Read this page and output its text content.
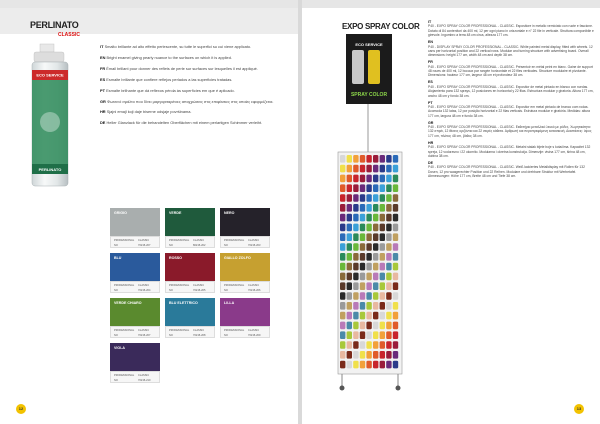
PERLINATO
CLASSIC
ECO SERVICE
PERLINATO
IT Smalto brillante ad alto effetto perlescente, su tutte le superfici su cui viene applicato.
EN Bright enamel giving pearly nuance to the surfaces on which it is applied.
FR Émail brillant pour donner des reflets de perle sur surfaces sur lesquelles il est appliqué.
ES Esmalte brillante que confiere reflejos perlados a las superficies tratadas.
PT Esmalte brilhante que dá reflexos pérola às superfícies em que é aplicado.
GR Φωτεινό σμάλτο που δίνει μαργαριταρένιες αποχρώσεις στις επιφάνειες στις οποίες εφαρμόζεται.
HR Sjajni emajl koji daje biserne odsjaje površinama.
DE Heller Glanzlack für die behandelten Oberflächen mit einem perlartigen Schimmer verleiht.
GRIGIO
PROFESSIONAL CLASSIC
NO	70215-207
VERDE
PROFESSIONAL CLASSIC
NO	80215-202
NERO
PROFESSIONAL CLASSIC
NO	70215-203
BLU
PROFESSIONAL CLASSIC
NO	70215-204
ROSSO
PROFESSIONAL CLASSIC
NO	70215-205
GIALLO ZOLFO
PROFESSIONAL CLASSIC
NO	70215-206
VERDE CHIARO
PROFESSIONAL CLASSIC
NO	70215-207
BLU ELETTRICO
PROFESSIONAL CLASSIC
NO	70215-208
LILLA
PROFESSIONAL CLASSIC
NO	70215-209
VIOLA
PROFESSIONAL CLASSIC
NO	70215-210
12
EXPO SPRAY COLOR
ECO SERVICE
SPRAY COLOR
IT
P40 - EXPO SPRAY COLOR PROFESSIONAL - CLASSIC. Espositore in metallo verniciato con ruote e fascione. Dotato di 84 contenitori da 400 ml, 12 per ogni piano in orizzontale e n° 22 file in verticale. Struttura componibile e girevole. Ingombro a terra 48 cm circa, altezza 177 cm.
EN
P40 - DISPLAY SPRAY COLOR PROFESSIONAL - CLASSIC. White painted metal display, fitted with wheels. 12 cans per horizontal position and 22 vertical rows. Modular and turning structure with advertising board. Overall dimensions: height 177 cm, width 48 cm and depth 38 cm.
FR
P40 - EXPO SPRAY COLOR PROFESSIONAL - CLASSIC. Présentoir en métal peint en blanc. Gaine de support 48 roues de 400 ml, 12 bocaux par rangée horizontale et 22 files verticales. Structure modulaire et pivotante. Dimensions: hauteur 177 cm, largeur 48 cm et profondeur 38 cm.
ES
P40 - EXPO SPRAY COLOR PROFESSIONAL - CLASSIC. Expositor de metal pintado en blanco con ruedas. Alojamiento para 132 sprays, 12 posiciones en horizontal y 22 filas. Estructura modular y giratoria. Altura 177 cm, ancho 48 cm y fondo 38 cm.
PT
P40 - EXPO SPRAY COLOR PROFESSIONAL - CLASSIC. Expositor em metal pintado de branco com rodas. Acomoda 132 latas, 12 por posição horizontal e 22 filas verticais. Estrutura modular e giratória. Medidas: altura 177 cm, largura 48 cm e fundo 38 cm.
GR
P40 - EXPO SPRAY COLOR PROFESSIONAL - CLASSIC. Εκθετήριο μεταλλικό λευκό με ρόδες. Χωρητικότητα 132 σπρέι, 12 θέσεις οριζόντια και 22 σειρές κάθετα. Αρθρωτή και περιστρεφόμενη κατασκευή. Διαστάσεις: ύψος 177 cm, πλάτος 48 cm, βάθος 38 cm.
HR
P40 - EXPO SPRAY COLOR PROFESSIONAL - CLASSIC. Metalni stalak bijele boje s kotačima. Kapacitet 132 spreja, 12 vodoravno i 22 okomito. Modularna i okretna konstrukcija. Dimenzije: visina 177 cm, širina 48 cm, dubina 38 cm.
DE
P40 - EXPO SPRAY COLOR PROFESSIONAL - CLASSIC. Weiß lackiertes Metalldisplay mit Rollen für 132 Dosen, 12 pro waagerechter Position und 22 Reihen. Modulare und drehbare Struktur mit Werbetafel. Abmessungen: Höhe 177 cm, Breite 48 cm und Tiefe 38 cm.
13
